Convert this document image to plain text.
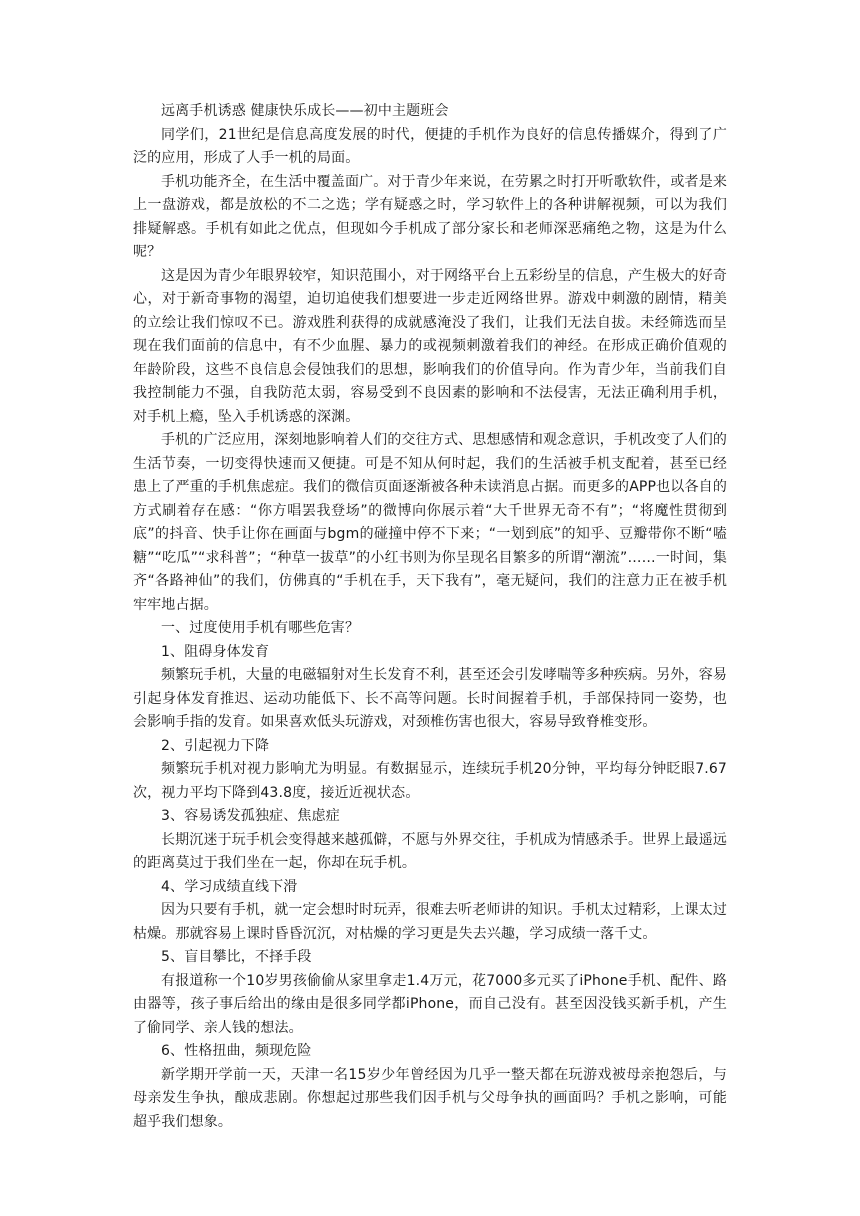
远离手机诱惑 健康快乐成长——初中主题班会

同学们，21世纪是信息高度发展的时代，便捷的手机作为良好的信息传播媒介，得到了广泛的应用，形成了人手一机的局面。

手机功能齐全，在生活中覆盖面广。对于青少年来说，在劳累之时打开听歌软件，或者是来上一盘游戏，都是放松的不二之选；学有疑惑之时，学习软件上的各种讲解视频，可以为我们排疑解惑。手机有如此之优点，但现如今手机成了部分家长和老师深恶痛绝之物，这是为什么呢？

这是因为青少年眼界较窄，知识范围小，对于网络平台上五彩纷呈的信息，产生极大的好奇心，对于新奇事物的渴望，迫切追使我们想要进一步走近网络世界。游戏中刺激的剧情，精美的立绘让我们惊叹不已。游戏胜利获得的成就感淹没了我们，让我们无法自拔。未经筛选而呈现在我们面前的信息中，有不少血腥、暴力的或视频刺激着我们的神经。在形成正确价值观的年龄阶段，这些不良信息会侵蚀我们的思想，影响我们的价值导向。作为青少年，当前我们自我控制能力不强，自我防范太弱，容易受到不良因素的影响和不法侵害，无法正确利用手机，对手机上瘾，坠入手机诱惑的深渊。

手机的广泛应用，深刻地影响着人们的交往方式、思想感情和观念意识，手机改变了人们的生活节奏，一切变得快速而又便捷。可是不知从何时起，我们的生活被手机支配着，甚至已经患上了严重的手机焦虑症。我们的微信页面逐渐被各种未读消息占据。而更多的APP也以各自的方式刷着存在感：“你方唱罢我登场”的微博向你展示着“大千世界无奇不有”；“将魔性贯彻到底”的抖音、快手让你在画面与bgm的碰撞中停不下来；“一划到底”的知乎、豆瓣带你不断“嗑糖”“吃瓜”“求科普”；“种草一拔草”的小红书则为你呈现名目繁多的所谓“潮流”……一时间，集齐“各路神仙”的我们，仿佛真的“手机在手，天下我有”，毫无疑问，我们的注意力正在被手机牢牢地占据。

一、过度使用手机有哪些危害？

1、阻碍身体发育

频繁玩手机，大量的电磁辐射对生长发育不利，甚至还会引发哮喘等多种疾病。另外，容易引起身体发育推迟、运动功能低下、长不高等问题。长时间握着手机，手部保持同一姿势，也会影响手指的发育。如果喜欢低头玩游戏，对颈椎伤害也很大，容易导致脊椎变形。

2、引起视力下降

频繁玩手机对视力影响尤为明显。有数据显示，连续玩手机20分钟，平均每分钟眨眼7.67次，视力平均下降到43.8度，接近近视状态。

3、容易诱发孤独症、焦虑症

长期沉迷于玩手机会变得越来越孤僻，不愿与外界交往，手机成为情感杀手。世界上最遥远的距离莫过于我们坐在一起，你却在玩手机。

4、学习成绩直线下滑

因为只要有手机，就一定会想时时玩弄，很难去听老师讲的知识。手机太过精彩，上课太过枯燥。那就容易上课时昏昏沉沉，对枯燥的学习更是失去兴趣，学习成绩一落千丈。

5、盲目攀比，不择手段

有报道称一个10岁男孩偷偷从家里拿走1.4万元，花7000多元买了iPhone手机、配件、路由器等，孩子事后给出的缘由是很多同学都iPhone，而自己没有。甚至因没钱买新手机，产生了偷同学、亲人钱的想法。

6、性格扭曲，频现危险

新学期开学前一天，天津一名15岁少年曾经因为几乎一整天都在玩游戏被母亲抱怨后，与母亲发生争执，酿成悲剧。你想起过那些我们因手机与父母争执的画面吗？手机之影响，可能超乎我们想象。
